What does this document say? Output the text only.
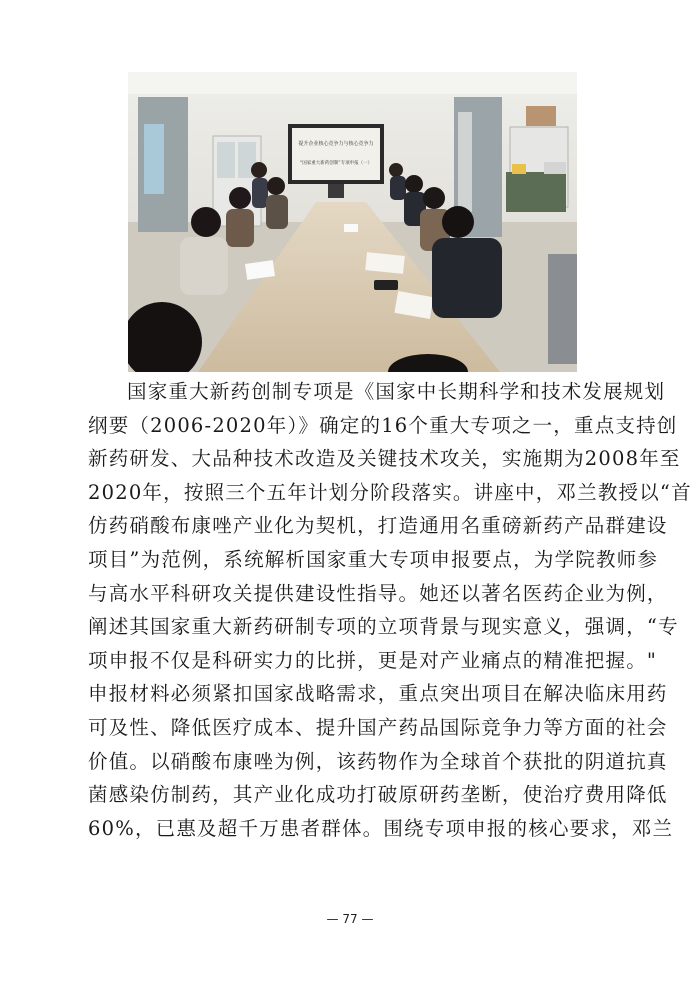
提升企业核心竞争力与核心竞争力
“国家重大新药创制”专项申报（一）
国家重大新药创制专项是《国家中长期科学和技术发展规划
纲要（2006-2020年）》确定的16个重大专项之一，重点支持创
新药研发、大品种技术改造及关键技术攻关，实施期为2008年至
2020年，按照三个五年计划分阶段落实。讲座中，邓兰教授以“首
仿药硝酸布康唑产业化为契机，打造通用名重磅新药产品群建设
项目”为范例，系统解析国家重大专项申报要点，为学院教师参
与高水平科研攻关提供建设性指导。她还以著名医药企业为例，
阐述其国家重大新药研制专项的立项背景与现实意义，强调，“专
项申报不仅是科研实力的比拼，更是对产业痛点的精准把握。"
申报材料必须紧扣国家战略需求，重点突出项目在解决临床用药
可及性、降低医疗成本、提升国产药品国际竞争力等方面的社会
价值。以硝酸布康唑为例，该药物作为全球首个获批的阴道抗真
菌感染仿制药，其产业化成功打破原研药垄断，使治疗费用降低
60%，已惠及超千万患者群体。围绕专项申报的核心要求，邓兰
— 77 —
